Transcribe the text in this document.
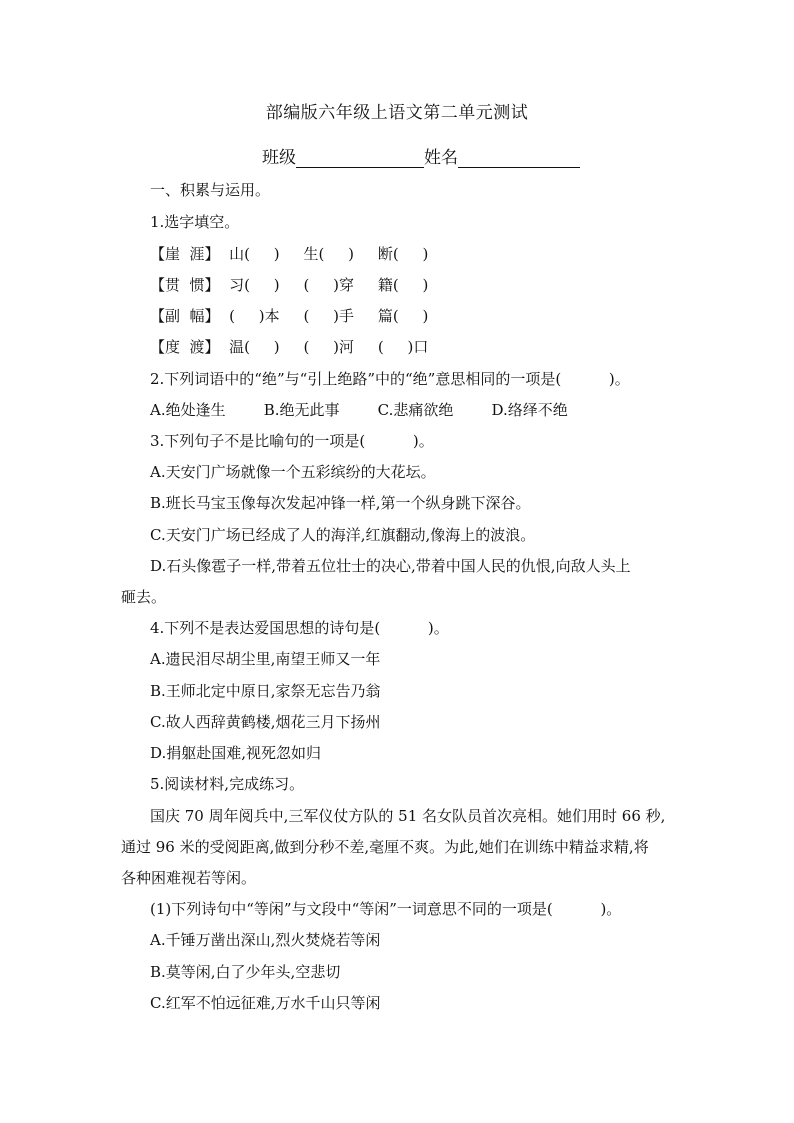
部编版六年级上语文第二单元测试
班级	姓名
一、积累与运用。
1.选字填空。
【崖  涯】  山(     )     生(     )     断(     )
【贯  惯】  习(     )     (     )穿     籍(     )
【副  幅】  (     )本     (     )手     篇(     )
【度  渡】  温(     )     (     )河     (     )口
2.下列词语中的“绝”与“引上绝路”中的“绝”意思相同的一项是(          )。
A.绝处逢生        B.绝无此事        C.悲痛欲绝        D.络绎不绝
3.下列句子不是比喻句的一项是(          )。
A.天安门广场就像一个五彩缤纷的大花坛。
B.班长马宝玉像每次发起冲锋一样,第一个纵身跳下深谷。
C.天安门广场已经成了人的海洋,红旗翻动,像海上的波浪。
D.石头像雹子一样,带着五位壮士的决心,带着中国人民的仇恨,向敌人头上
砸去。
4.下列不是表达爱国思想的诗句是(          )。
A.遗民泪尽胡尘里,南望王师又一年
B.王师北定中原日,家祭无忘告乃翁
C.故人西辞黄鹤楼,烟花三月下扬州
D.捐躯赴国难,视死忽如归
5.阅读材料,完成练习。
国庆 70 周年阅兵中,三军仪仗方队的 51 名女队员首次亮相。她们用时 66 秒,
通过 96 米的受阅距离,做到分秒不差,毫厘不爽。为此,她们在训练中精益求精,将
各种困难视若等闲。
(1)下列诗句中“等闲”与文段中“等闲”一词意思不同的一项是(          )。
A.千锤万凿出深山,烈火焚烧若等闲
B.莫等闲,白了少年头,空悲切
C.红军不怕远征难,万水千山只等闲
